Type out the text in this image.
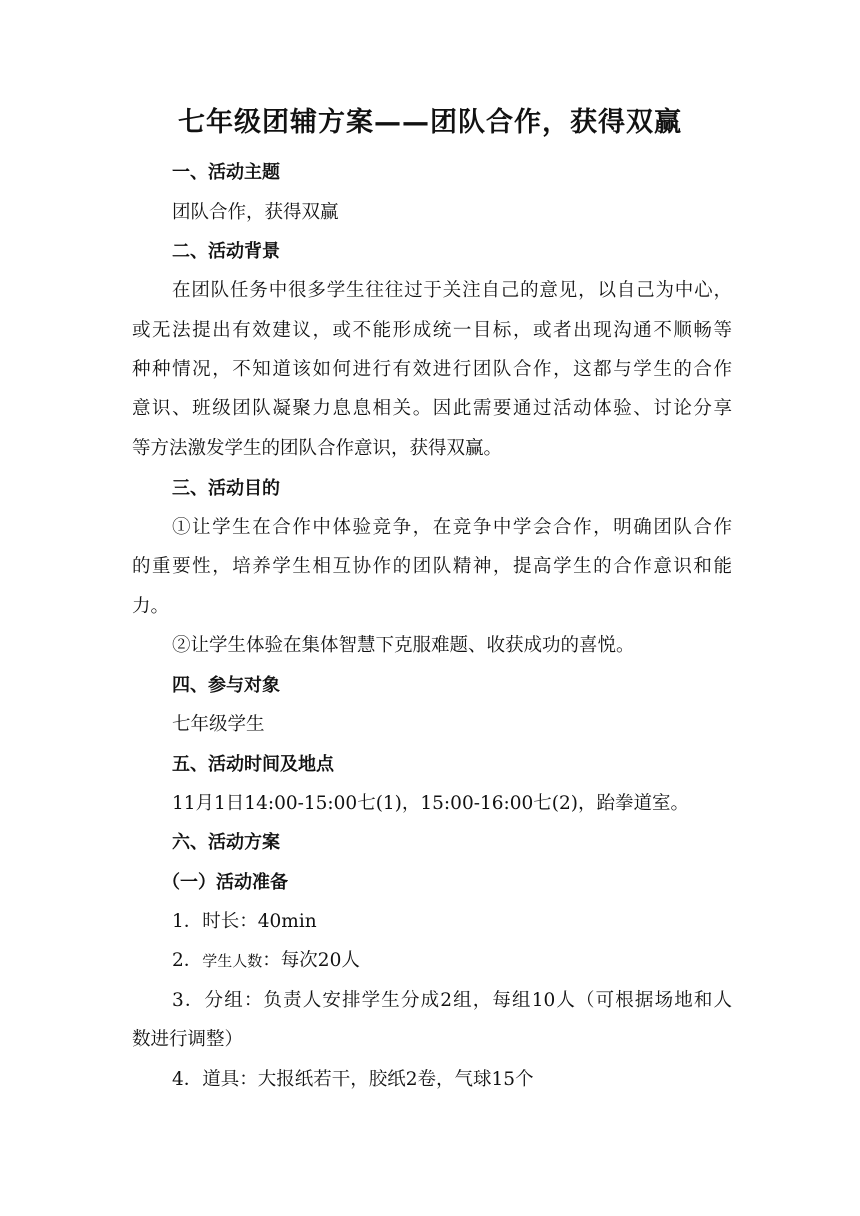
七年级团辅方案——团队合作，获得双赢

一、活动主题

团队合作，获得双赢

二、活动背景

在团队任务中很多学生往往过于关注自己的意见，以自己为中心，

或无法提出有效建议，或不能形成统一目标，或者出现沟通不顺畅等

种种情况，不知道该如何进行有效进行团队合作，这都与学生的合作

意识、班级团队凝聚力息息相关。因此需要通过活动体验、讨论分享

等方法激发学生的团队合作意识，获得双赢。

三、活动目的

①让学生在合作中体验竞争，在竞争中学会合作，明确团队合作

的重要性，培养学生相互协作的团队精神，提高学生的合作意识和能

力。

②让学生体验在集体智慧下克服难题、收获成功的喜悦。

四、参与对象

七年级学生

五、活动时间及地点

11月1日14:00-15:00七(1)，15:00-16:00七(2)，跆拳道室。

六、活动方案

（一）活动准备

1．时长：40min

2．学生人数：每次20人

3．分组：负责人安排学生分成2组，每组10人（可根据场地和人

数进行调整）

4．道具：大报纸若干，胶纸2卷，气球15个
